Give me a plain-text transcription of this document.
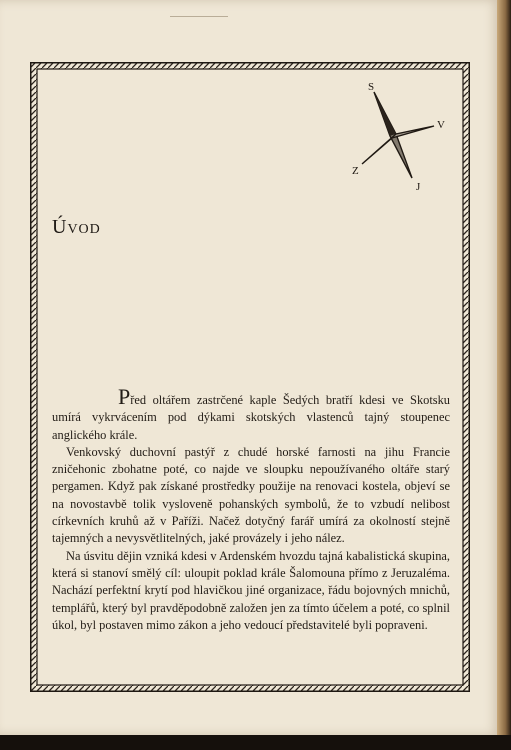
S
V
J
Z
Úvod

Před oltářem zastrčené kaple Šedých bratří kdesi ve Skotsku umírá vykrvácením pod dýkami skotských vlastenců tajný stoupenec anglického krále.

Venkovský duchovní pastýř z chudé horské farnosti na jihu Francie zničehonic zbohatne poté, co najde ve sloupku nepoužívaného oltáře starý pergamen. Když pak získané prostředky použije na renovaci kostela, objeví se na novostavbě tolik vysloveně pohanských symbolů, že to vzbudí nelibost církevních kruhů až v Paříži. Načež dotyčný farář umírá za okolností stejně tajemných a nevysvětlitelných, jaké provázely i jeho nález.

Na úsvitu dějin vzniká kdesi v Ardenském hvozdu tajná kabalistická skupina, která si stanoví smělý cíl: uloupit poklad krále Šalomouna přímo z Jeruzaléma. Nachází perfektní krytí pod hlavičkou jiné organizace, řádu bojovných mnichů, templářů, který byl pravděpodobně založen jen za tímto účelem a poté, co splnil úkol, byl postaven mimo zákon a jeho vedoucí představitelé byli popraveni.
